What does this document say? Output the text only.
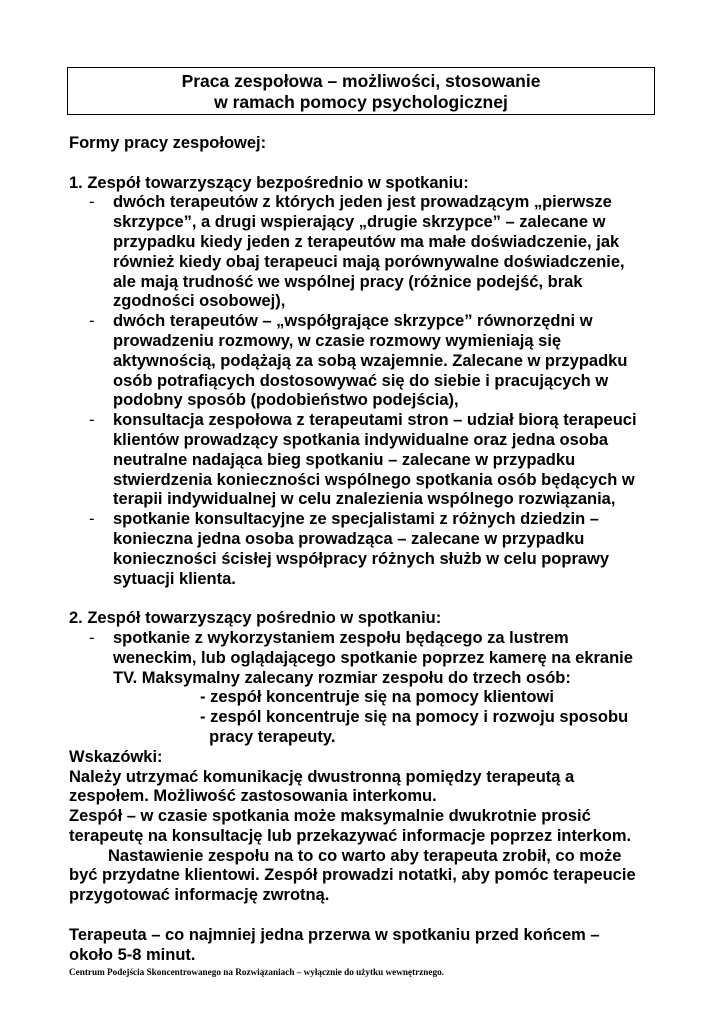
Praca zespołowa – możliwości, stosowanie
w ramach pomocy psychologicznej
Formy pracy zespołowej:
1. Zespół towarzyszący bezpośrednio w spotkaniu:
- dwóch terapeutów z których jeden jest prowadzącym „pierwsze
skrzypce”, a drugi wspierający „drugie skrzypce” – zalecane w
przypadku kiedy jeden z terapeutów ma małe doświadczenie, jak
również kiedy obaj terapeuci mają porównywalne doświadczenie,
ale mają trudność we wspólnej pracy (różnice podejść, brak
zgodności osobowej),
- dwóch terapeutów – „współgrające skrzypce” równorzędni w
prowadzeniu rozmowy, w czasie rozmowy wymieniają się
aktywnością, podążają za sobą wzajemnie. Zalecane w przypadku
osób potrafiących dostosowywać się do siebie i pracujących w
podobny sposób (podobieństwo podejścia),
- konsultacja zespołowa z terapeutami stron – udział biorą terapeuci
klientów prowadzący spotkania indywidualne oraz jedna osoba
neutralne nadająca bieg spotkaniu – zalecane w przypadku
stwierdzenia konieczności wspólnego spotkania osób będących w
terapii indywidualnej w celu znalezienia wspólnego rozwiązania,
- spotkanie konsultacyjne ze specjalistami z różnych dziedzin –
konieczna jedna osoba prowadząca – zalecane w przypadku
konieczności ścisłej współpracy różnych służb w celu poprawy
sytuacji klienta.
2. Zespół towarzyszący pośrednio w spotkaniu:
- spotkanie z wykorzystaniem zespołu będącego za lustrem
weneckim, lub oglądającego spotkanie poprzez kamerę na ekranie
TV. Maksymalny zalecany rozmiar zespołu do trzech osób:
- zespół koncentruje się na pomocy klientowi
- zespól koncentruje się na pomocy i rozwoju sposobu
pracy terapeuty.
Wskazówki:
Należy utrzymać komunikację dwustronną pomiędzy terapeutą a
zespołem. Możliwość zastosowania interkomu.
Zespół – w czasie spotkania może maksymalnie dwukrotnie prosić
terapeutę na konsultację lub przekazywać informacje poprzez interkom.
Nastawienie zespołu na to co warto aby terapeuta zrobił, co może
być przydatne klientowi. Zespół prowadzi notatki, aby pomóc terapeucie
przygotować informację zwrotną.
Terapeuta – co najmniej jedna przerwa w spotkaniu przed końcem –
około 5-8 minut.
Centrum Podejścia Skoncentrowanego na Rozwiązaniach – wyłącznie do użytku wewnętrznego.
